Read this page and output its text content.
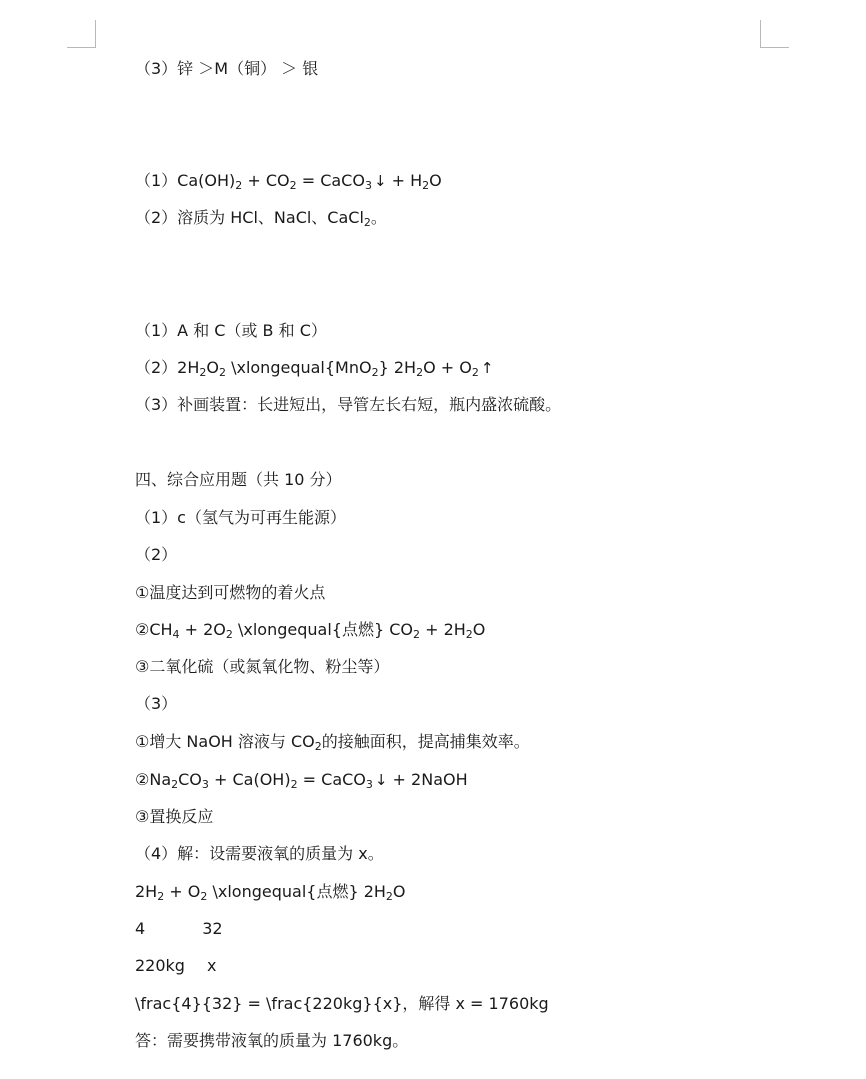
（3）锌 ＞M（铜） ＞ 银
$(1)Ca(OH)_2 + CO_2$ = CaCO$_3$ ↓ + $H_2O$
（2）溶质为 HCl、NaCl、CaCl$_2$。
（1）A 和 C（或 B 和 C）
$(2)2H_2O_2$ \xlongequal{MnO$_2$} $2H_2O + O_2$ ↑
（3）补画装置：长进短出，导管左长右短，瓶内盛浓硫酸。
四、综合应用题（共 10 分）
（1）c（氢气为可再生能源）
（2）
①温度达到可燃物的着火点
$②CH_4 + 2O_2$ \xlongequal{点燃} $CO_2 + 2H_2O$
③二氧化硫（或氮氧化物、粉尘等）
（3）
①增大 NaOH 溶液与 $CO_2$的接触面积，提高捕集效率。
$②Na_2CO_3 + Ca(OH)_2$ = CaCO$_3$ ↓ + 2NaOH
③置换反应
（4）解：设需要液氧的质量为 x。
$2H_2 + O_2$ \xlongequal{点燃} $2H_2O$
4	32
220kg x
\frac{4}{32} = \frac{220kg}{x}，解得 x = 1760kg
答：需要携带液氧的质量为 1760kg。
